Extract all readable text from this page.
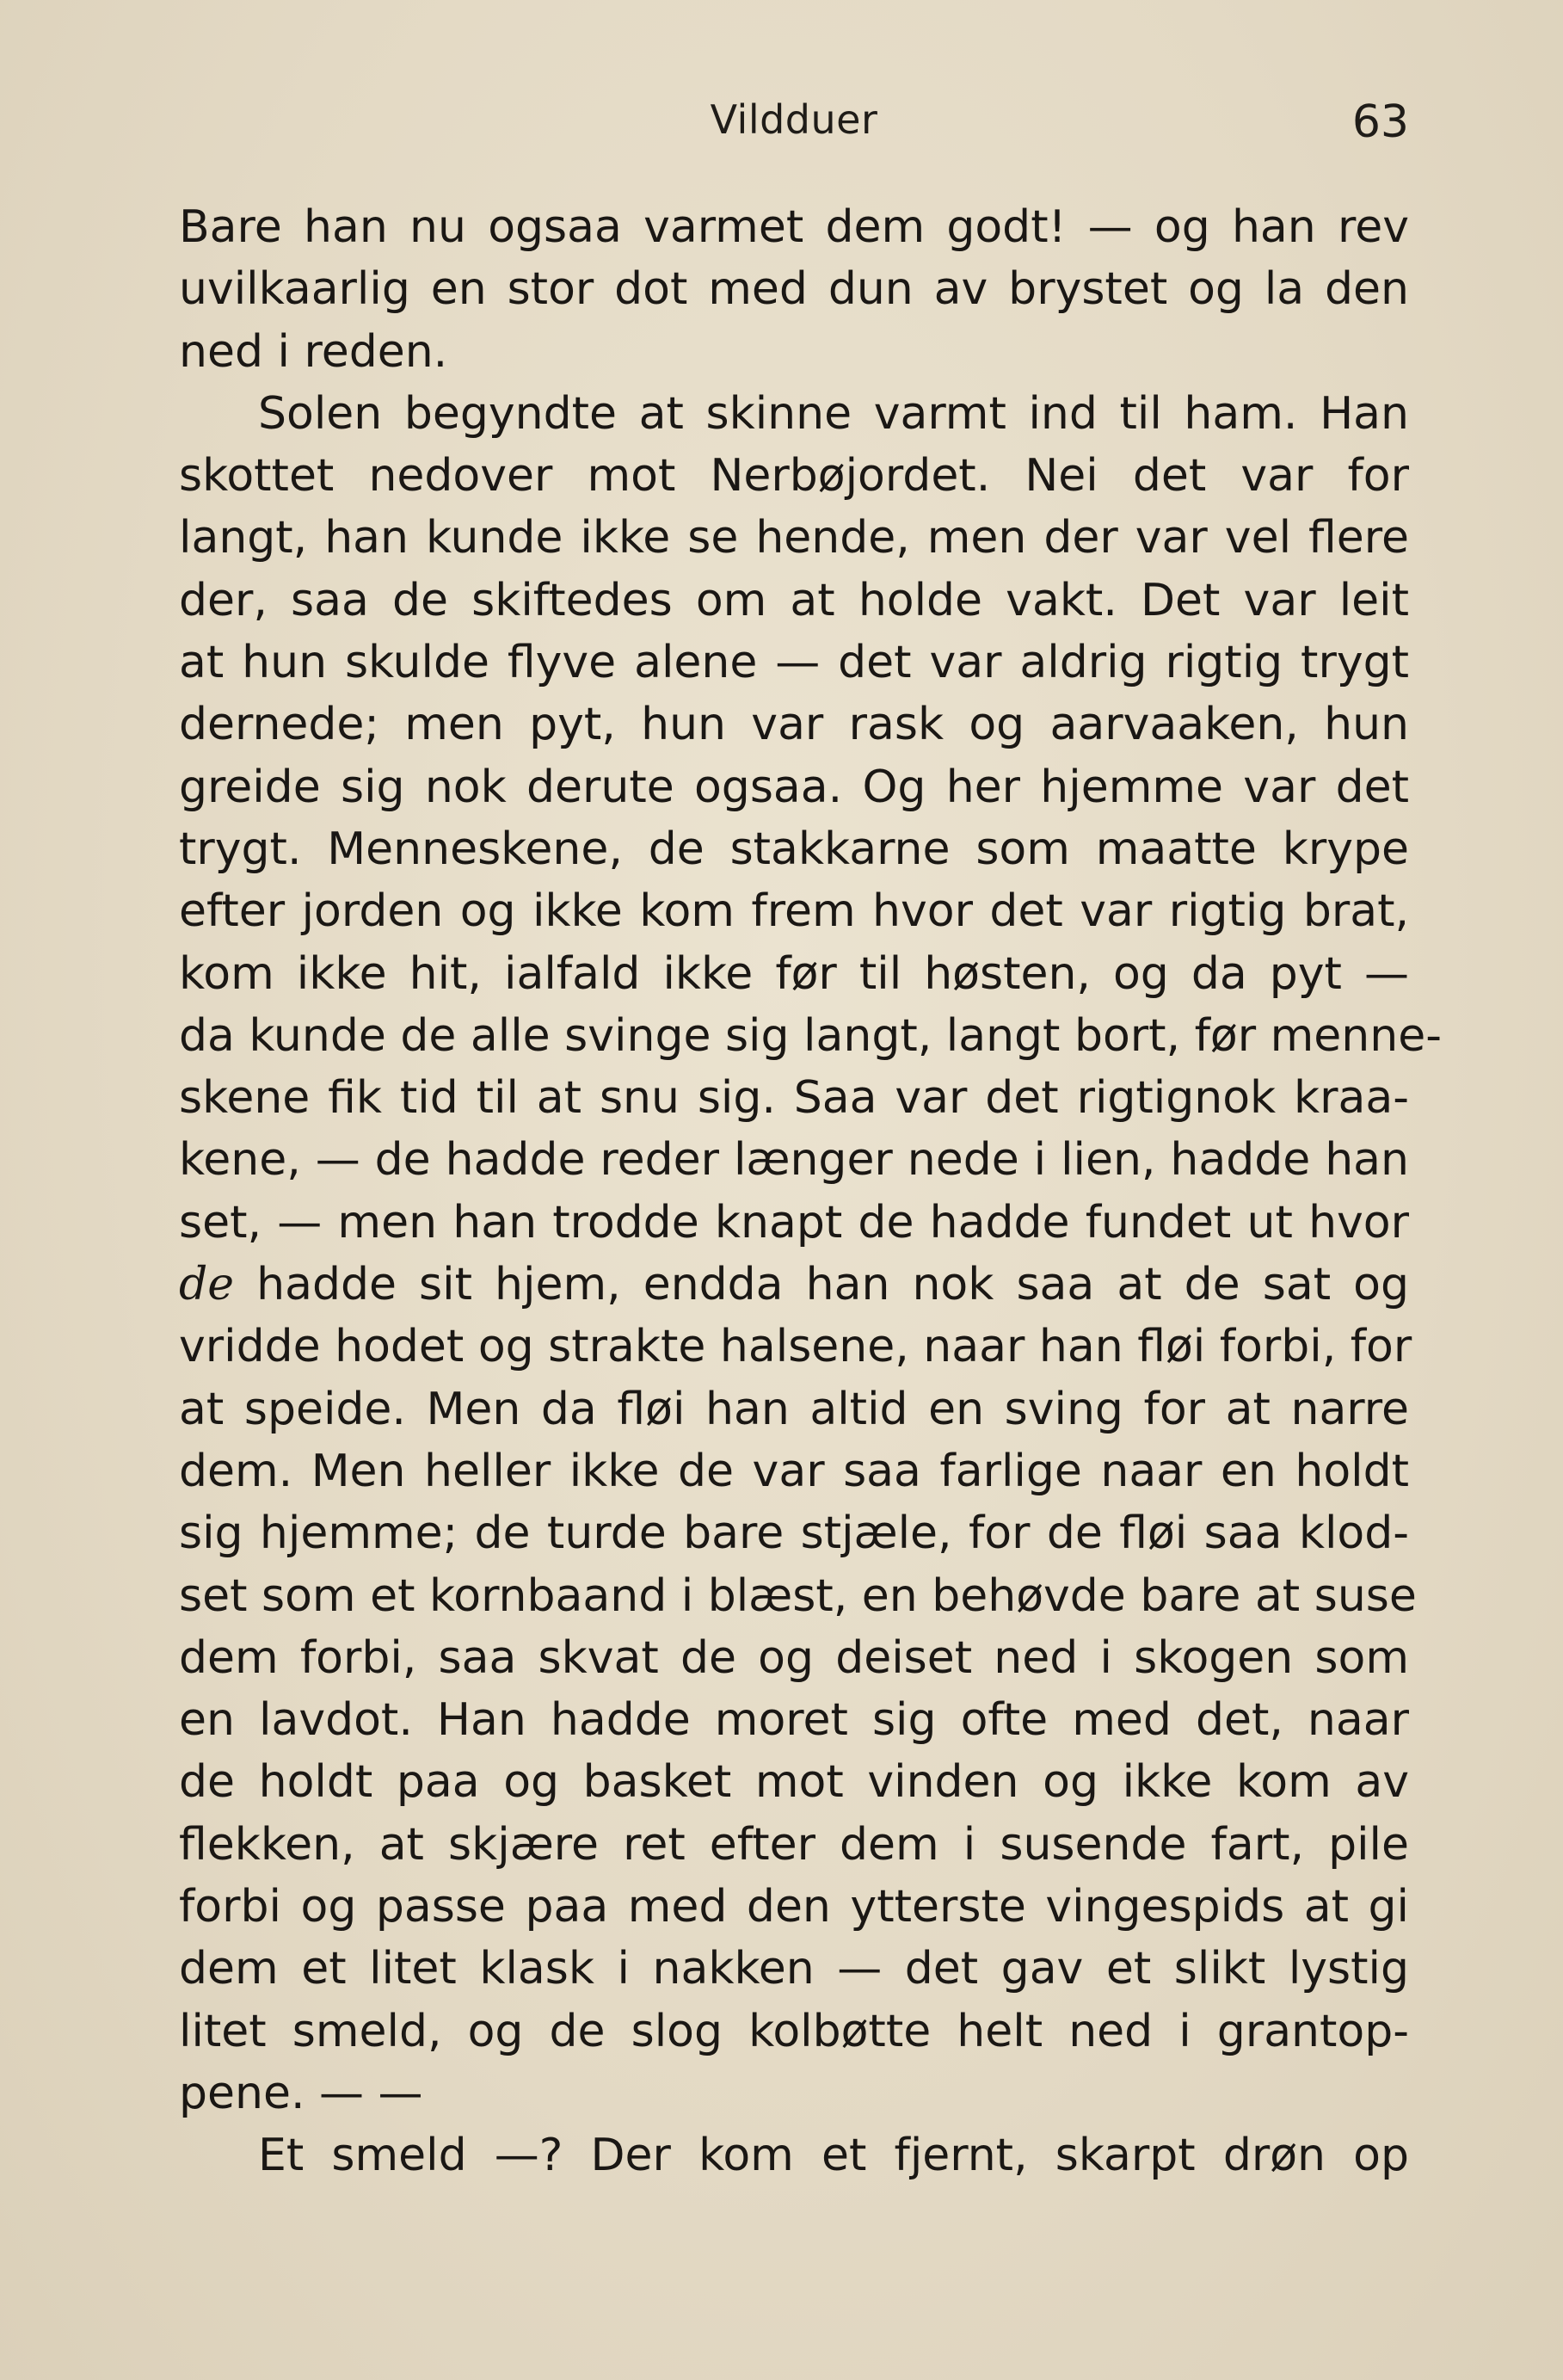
Vildduer	63
Bare han nu ogsaa varmet dem godt! — og han rev
uvilkaarlig en stor dot med dun av brystet og la den
ned i reden.
Solen begyndte at skinne varmt ind til ham. Han
skottet nedover mot Nerbøjordet. Nei det var for
langt, han kunde ikke se hende, men der var vel flere
der, saa de skiftedes om at holde vakt. Det var leit
at hun skulde flyve alene — det var aldrig rigtig trygt
dernede; men pyt, hun var rask og aarvaaken, hun
greide sig nok derute ogsaa. Og her hjemme var det
trygt. Menneskene, de stakkarne som maatte krype
efter jorden og ikke kom frem hvor det var rigtig brat,
kom ikke hit, ialfald ikke før til høsten, og da pyt —
da kunde de alle svinge sig langt, langt bort, før menne-
skene fik tid til at snu sig. Saa var det rigtignok kraa-
kene, — de hadde reder længer nede i lien, hadde han
set, — men han trodde knapt de hadde fundet ut hvor
de hadde sit hjem, endda han nok saa at de sat og
vridde hodet og strakte halsene, naar han fløi forbi, for
at speide. Men da fløi han altid en sving for at narre
dem. Men heller ikke de var saa farlige naar en holdt
sig hjemme; de turde bare stjæle, for de fløi saa klod-
set som et kornbaand i blæst, en behøvde bare at suse
dem forbi, saa skvat de og deiset ned i skogen som
en lavdot. Han hadde moret sig ofte med det, naar
de holdt paa og basket mot vinden og ikke kom av
flekken, at skjære ret efter dem i susende fart, pile
forbi og passe paa med den ytterste vingespids at gi
dem et litet klask i nakken — det gav et slikt lystig
litet smeld, og de slog kolbøtte helt ned i grantop-
pene. — —
Et smeld —? Der kom et fjernt, skarpt drøn op
